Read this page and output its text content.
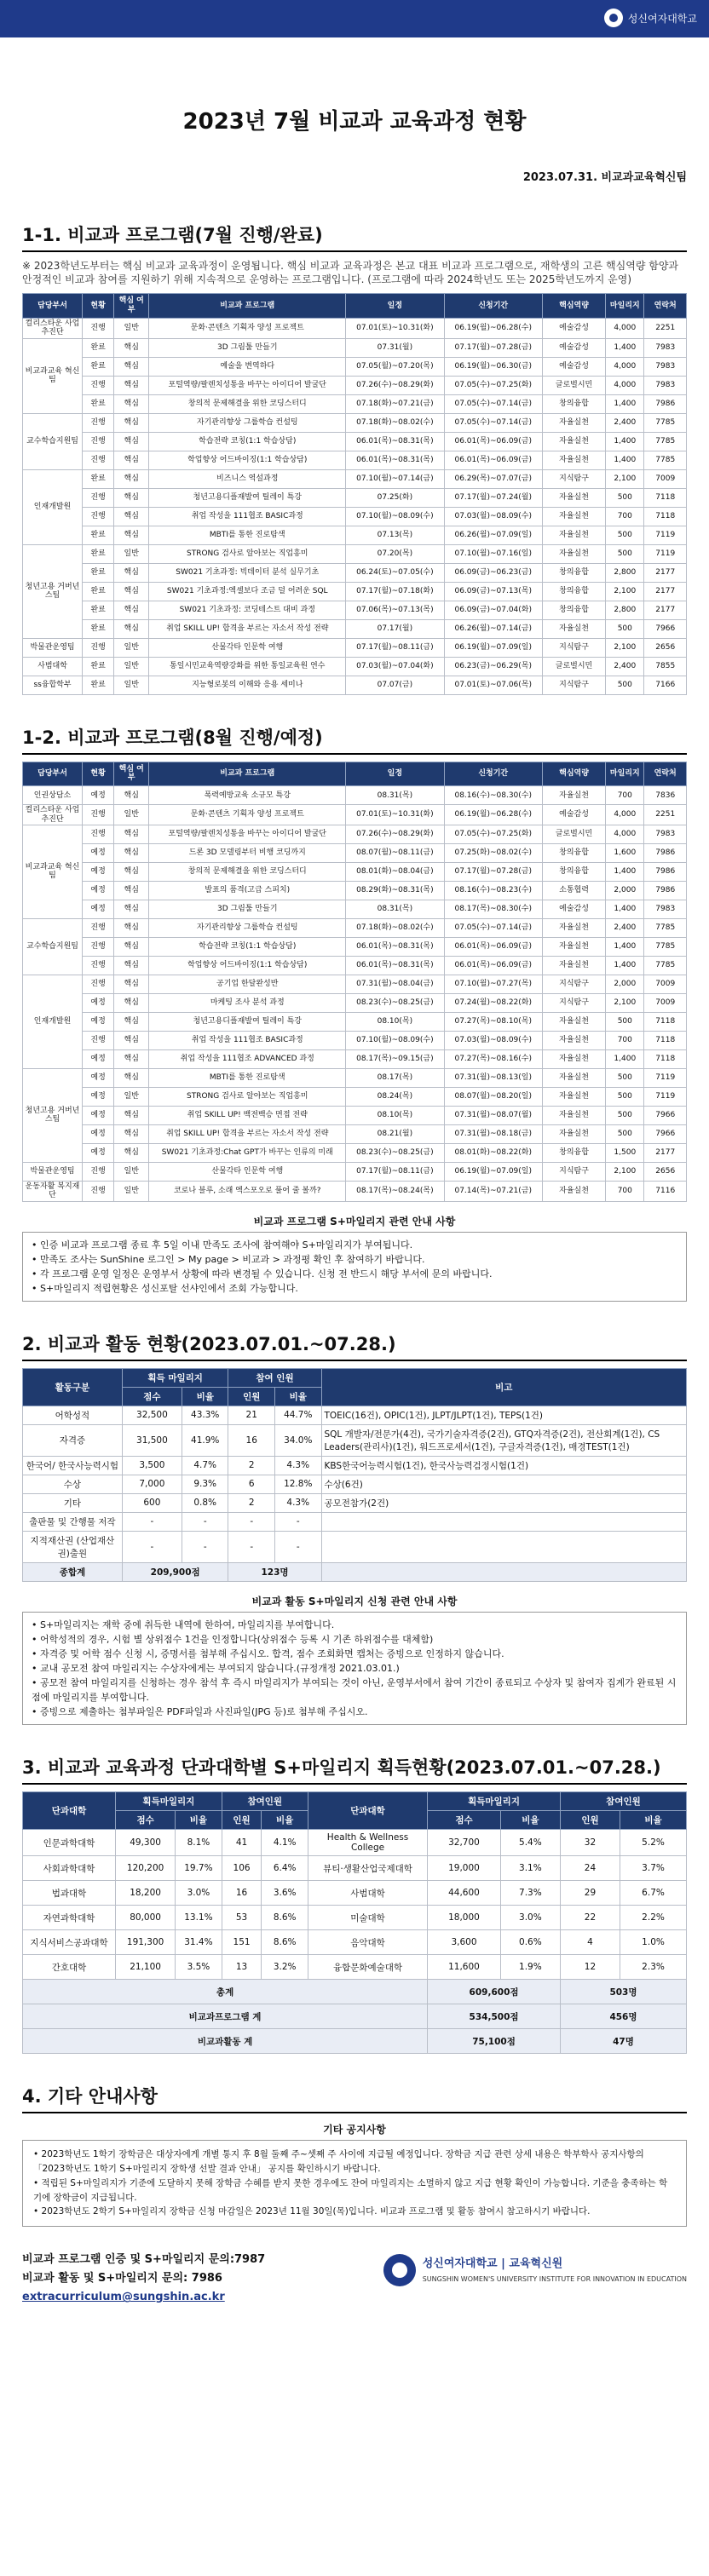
성신여자대학교
2023년 7월 비교과 교육과정 현황
2023.07.31. 비교과교육혁신팀
1-1. 비교과 프로그램(7월 진행/완료)
※ 2023학년도부터는 핵심 비교과 교육과정이 운영됩니다. 핵심 비교과 교육과정은 본교 대표 비교과 프로그램으로, 재학생의 고른 핵심역량 함양과 안정적인 비교과 참여를 지원하기 위해 지속적으로 운영하는 프로그램입니다. (프로그램에 따라 2024학년도 또는 2025학년도까지 운영)
담당부서	현황	핵심 여부	비교과 프로그램	일정	신청기간	핵심역량	마일리지	연락처
컬리스타운 사업추진단	진행	일반	문화·콘텐츠 기획자 양성 프로젝트	07.01(토)~10.31(화)	06.19(월)~06.28(수)	예술감성	4,000	2251
비교과교육 혁신팀	완료	핵심	3D 그림툴 만들기	07.31(월)	07.17(월)~07.28(금)	예술감성	1,400	7983
	완료	핵심	예술을 변역하다	07.05(월)~07.20(목)	06.19(월)~06.30(금)	예술감성	4,000	7983
	진행	핵심	포털역량/팔렌치성통을 바꾸는 아이디어 발굴단	07.26(수)~08.29(화)	07.05(수)~07.25(화)	글로벌시민	4,000	7983
	완료	핵심	창의적 문제해결을 위한 코딩스터디	07.18(화)~07.21(금)	07.05(수)~07.14(금)	창의융합	1,400	7986
교수학습지원팀	진행	핵심	자기관리향상 그룹학습 컨설팅	07.18(화)~08.02(수)	07.05(수)~07.14(금)	자율실천	2,400	7785
	진행	핵심	학습전략 코칭(1:1 학습상담)	06.01(목)~08.31(목)	06.01(목)~06.09(금)	자율실천	1,400	7785
	진행	핵심	학업향상 어드바이징(1:1 학습상담)	06.01(목)~08.31(목)	06.01(목)~06.09(금)	자율실천	1,400	7785
인재개발원	완료	핵심	비즈니스 역설과정	07.10(월)~07.14(금)	06.29(목)~07.07(금)	지식탐구	2,100	7009
	진행	핵심	청년고용디플재발여 틸레이 특강	07.25(화)	07.17(월)~07.24(월)	자율실천	500	7118
	진행	핵심	취업 작성을 111협조 BASIC과정	07.10(월)~08.09(수)	07.03(월)~08.09(수)	자율실천	700	7118
	완료	핵심	MBTI를 통한 진로탐색	07.13(목)	06.26(월)~07.09(일)	자율실천	500	7119
청년고용 거버넌스팀	완료	일반	STRONG 검사로 알아보는 직업흥미	07.20(목)	07.10(월)~07.16(일)	자율실천	500	7119
	완료	핵심	SW021 기초과정: 빅데이터 분석 실무기초	06.24(토)~07.05(수)	06.09(금)~06.23(금)	창의융합	2,800	2177
	완료	핵심	SW021 기초과정:엑셀보다 조금 덜 어려운 SQL	07.17(월)~07.18(화)	06.09(금)~07.13(목)	창의융합	2,100	2177
	완료	핵심	SW021 기초과정: 코딩테스트 대비 과정	07.06(목)~07.13(목)	06.09(금)~07.04(화)	창의융합	2,800	2177
	완료	핵심	취업 SKILL UP! 합격을 부르는 자소서 작성 전략	07.17(월)	06.26(월)~07.14(금)	자율실천	500	7966
박물관운영팀	진행	일반	산물각타 인문학 여행	07.17(월)~08.11(금)	06.19(월)~07.09(일)	지식탐구	2,100	2656
사범대학	완료	일반	통일시민교육역량강화를 위한 통일교육원 연수	07.03(월)~07.04(화)	06.23(금)~06.29(목)	글로벌시민	2,400	7855
ss융합학부	완료	일반	지능형로봇의 이해와 응용 세미나	07.07(금)	07.01(토)~07.06(목)	지식탐구	500	7166
1-2. 비교과 프로그램(8월 진행/예정)
담당부서	현황	핵심 여부	비교과 프로그램	일정	신청기간	핵심역량	마일리지	연락처
인권상담소	예정	핵심	폭력예방교육 소규모 특강	08.31(목)	08.16(수)~08.30(수)	자율실천	700	7836
컬리스타운 사업추진단	진행	일반	문화·콘텐츠 기획자 양성 프로젝트	07.01(토)~10.31(화)	06.19(월)~06.28(수)	예술감성	4,000	2251
비교과교육 혁신팀	진행	핵심	포털역량/팔렌치성통을 바꾸는 아이디어 발굴단	07.26(수)~08.29(화)	07.05(수)~07.25(화)	글로벌시민	4,000	7983
	예정	핵심	드론 3D 모델링부터 비행 코딩까지	08.07(월)~08.11(금)	07.25(화)~08.02(수)	창의융합	1,600	7986
	예정	핵심	창의적 문제해결을 위한 코딩스터디	08.01(화)~08.04(금)	07.17(월)~07.28(금)	창의융합	1,400	7986
	예정	핵심	발표의 품격(고급 스피치)	08.29(화)~08.31(목)	08.16(수)~08.23(수)	소통협력	2,000	7986
	예정	핵심	3D 그림툴 만들기	08.31(목)	08.17(목)~08.30(수)	예술감성	1,400	7983
교수학습지원팀	진행	핵심	자기관리향상 그룹학습 컨설팅	07.18(화)~08.02(수)	07.05(수)~07.14(금)	자율실천	2,400	7785
	진행	핵심	학습전략 코칭(1:1 학습상담)	06.01(목)~08.31(목)	06.01(목)~06.09(금)	자율실천	1,400	7785
	진행	핵심	학업향상 어드바이징(1:1 학습상담)	06.01(목)~08.31(목)	06.01(목)~06.09(금)	자율실천	1,400	7785
인재개발원	진행	핵심	공기업 한달완성반	07.31(월)~08.04(금)	07.10(월)~07.27(목)	지식탐구	2,000	7009
	예정	핵심	마케팅 조사 분석 과정	08.23(수)~08.25(금)	07.24(월)~08.22(화)	지식탐구	2,100	7009
	예정	핵심	청년고용디플재발여 틸레이 특강	08.10(목)	07.27(목)~08.10(목)	자율실천	500	7118
	진행	핵심	취업 작성을 111협조 BASIC과정	07.10(월)~08.09(수)	07.03(월)~08.09(수)	자율실천	700	7118
	예정	핵심	취업 작성을 111협조 ADVANCED 과정	08.17(목)~09.15(금)	07.27(목)~08.16(수)	자율실천	1,400	7118
청년고용 거버넌스팀	예정	핵심	MBTI를 통한 진로탐색	08.17(목)	07.31(월)~08.13(일)	자율실천	500	7119
	예정	일반	STRONG 검사로 알아보는 직업흥미	08.24(목)	08.07(월)~08.20(일)	자율실천	500	7119
	예정	핵심	취업 SKILL UP! 백전백승 면접 전략	08.10(목)	07.31(월)~08.07(월)	자율실천	500	7966
	예정	핵심	취업 SKILL UP! 합격을 부르는 자소서 작성 전략	08.21(월)	07.31(월)~08.18(금)	자율실천	500	7966
	예정	핵심	SW021 기초과정:Chat GPT가 바꾸는 인류의 미래	08.23(수)~08.25(금)	08.01(화)~08.22(화)	창의융합	1,500	2177
박물관운영팀	진행	일반	산물각타 인문학 여행	07.17(월)~08.11(금)	06.19(월)~07.09(일)	지식탐구	2,100	2656
운동자활 복지재단	진행	일반	코로나 블루, 소래 엑스포오로 풀어 줄 볼까?	08.17(목)~08.24(목)	07.14(목)~07.21(금)	자율실천	700	7116
비교과 프로그램 S+마일리지 관련 안내 사항
• 인증 비교과 프로그램 종료 후 5일 이내 만족도 조사에 참여해야 S+마일리지가 부여됩니다.
• 만족도 조사는 SunShine 로그인 > My page > 비교과 > 과정평 확인 후 참여하기 바랍니다.
• 각 프로그램 운영 일정은 운영부서 상황에 따라 변경될 수 있습니다. 신청 전 반드시 해당 부서에 문의 바랍니다.
• S+마일리지 적립현황은 성신포탈 선샤인에서 조회 가능합니다.
2. 비교과 활동 현황(2023.07.01.~07.28.)
활동구분	획득 마일리지		참여 인원		비고
	점수	비율	인원	비율	
어학성적	32,500	43.3%	21	44.7%	TOEIC(16건), OPIC(1건), JLPT/JLPT(1건), TEPS(1건)
자격증	31,500	41.9%	16	34.0%	SQL 개발자/전문가(4건), 국가기술자격증(2건), GTQ자격증(2건), 전산회계(1건), CS Leaders(관리사)(1건), 워드프로세서(1건), 구글자격증(1건), 매경TEST(1건)
한국어/ 한국사능력시험	3,500	4.7%	2	4.3%	KBS한국어능력시험(1건), 한국사능력검정시험(1건)
수상	7,000	9.3%	6	12.8%	수상(6건)
기타	600	0.8%	2	4.3%	공모전참가(2건)
출판물 및 간행물 저작	-	-	-	-	
지적재산권 (산업재산권)출원	-	-	-	-	
종합계	209,900점		123명		
비교과 활동 S+마일리지 신청 관련 안내 사항
• S+마일리지는 재학 중에 취득한 내역에 한하여, 마일리지를 부여합니다.
• 어학성적의 경우, 시험 별 상위점수 1건을 인정합니다(상위점수 등록 시 기존 하위점수를 대체함)
• 자격증 및 어학 점수 신청 시, 증명서를 첨부해 주십시오. 합격, 점수 조회화면 캡처는 증빙으로 인정하지 않습니다.
• 교내 공모전 참여 마일리지는 수상자에게는 부여되지 않습니다.(규정개정 2021.03.01.)
• 공모전 참여 마일리지를 신청하는 경우 참석 후 즉시 마일리지가 부여되는 것이 아닌, 운영부서에서 참여 기간이 종료되고 수상자 및 참여자 집계가 완료된 시점에 마일리지를 부여합니다.
• 증빙으로 제출하는 첨부파일은 PDF파일과 사진파일(JPG 등)로 첨부해 주십시오.
3. 비교과 교육과정 단과대학별 S+마일리지 획득현황(2023.07.01.~07.28.)
단과대학	획득마일리지		참여인원		단과대학	획득마일리지		참여인원	
	점수	비율	인원	비율		점수	비율	인원	비율
인문과학대학	49,300	8.1%	41	4.1%	Health & Wellness College	32,700	5.4%	32	5.2%
사회과학대학	120,200	19.7%	106	6.4%	뷰티·생활산업국제대학	19,000	3.1%	24	3.7%
법과대학	18,200	3.0%	16	3.6%	사범대학	44,600	7.3%	29	6.7%
자연과학대학	80,000	13.1%	53	8.6%	미술대학	18,000	3.0%	22	2.2%
지식서비스공과대학	191,300	31.4%	151	8.6%	음악대학	3,600	0.6%	4	1.0%
간호대학	21,100	3.5%	13	3.2%	융합문화예술대학	11,600	1.9%	12	2.3%
총계						609,600점		503명	
비교과프로그램 계						534,500점		456명	
비교과활동 계						75,100점		47명	
4. 기타 안내사항
기타 공지사항
• 2023학년도 1학기 장학금은 대상자에게 개별 통지 후 8월 둘째 주~셋째 주 사이에 지급될 예정입니다. 장학금 지급 관련 상세 내용은 학부학사 공지사항의 「2023학년도 1학기 S+마일리지 장학생 선발 결과 안내」 공지를 확인하시기 바랍니다.
• 적립된 S+마일리지가 기준에 도달하지 못해 장학금 수혜를 받지 못한 경우에도 잔여 마일리지는 소멸하지 않고 지급 현황 확인이 가능합니다. 기준을 충족하는 학기에 장학금이 지급됩니다.
• 2023학년도 2학기 S+마일리지 장학금 신청 마감일은 2023년 11월 30일(목)입니다. 비교과 프로그램 및 활동 참여시 참고하시기 바랍니다.
비교과 프로그램 인증 및 S+마일리지 문의:7987
비교과 활동 및 S+마일리지 문의: 7986
extracurriculum@sungshin.ac.kr
성신여자대학교 | 교육혁신원
SUNGSHIN WOMEN'S UNIVERSITY INSTITUTE FOR INNOVATION IN EDUCATION
